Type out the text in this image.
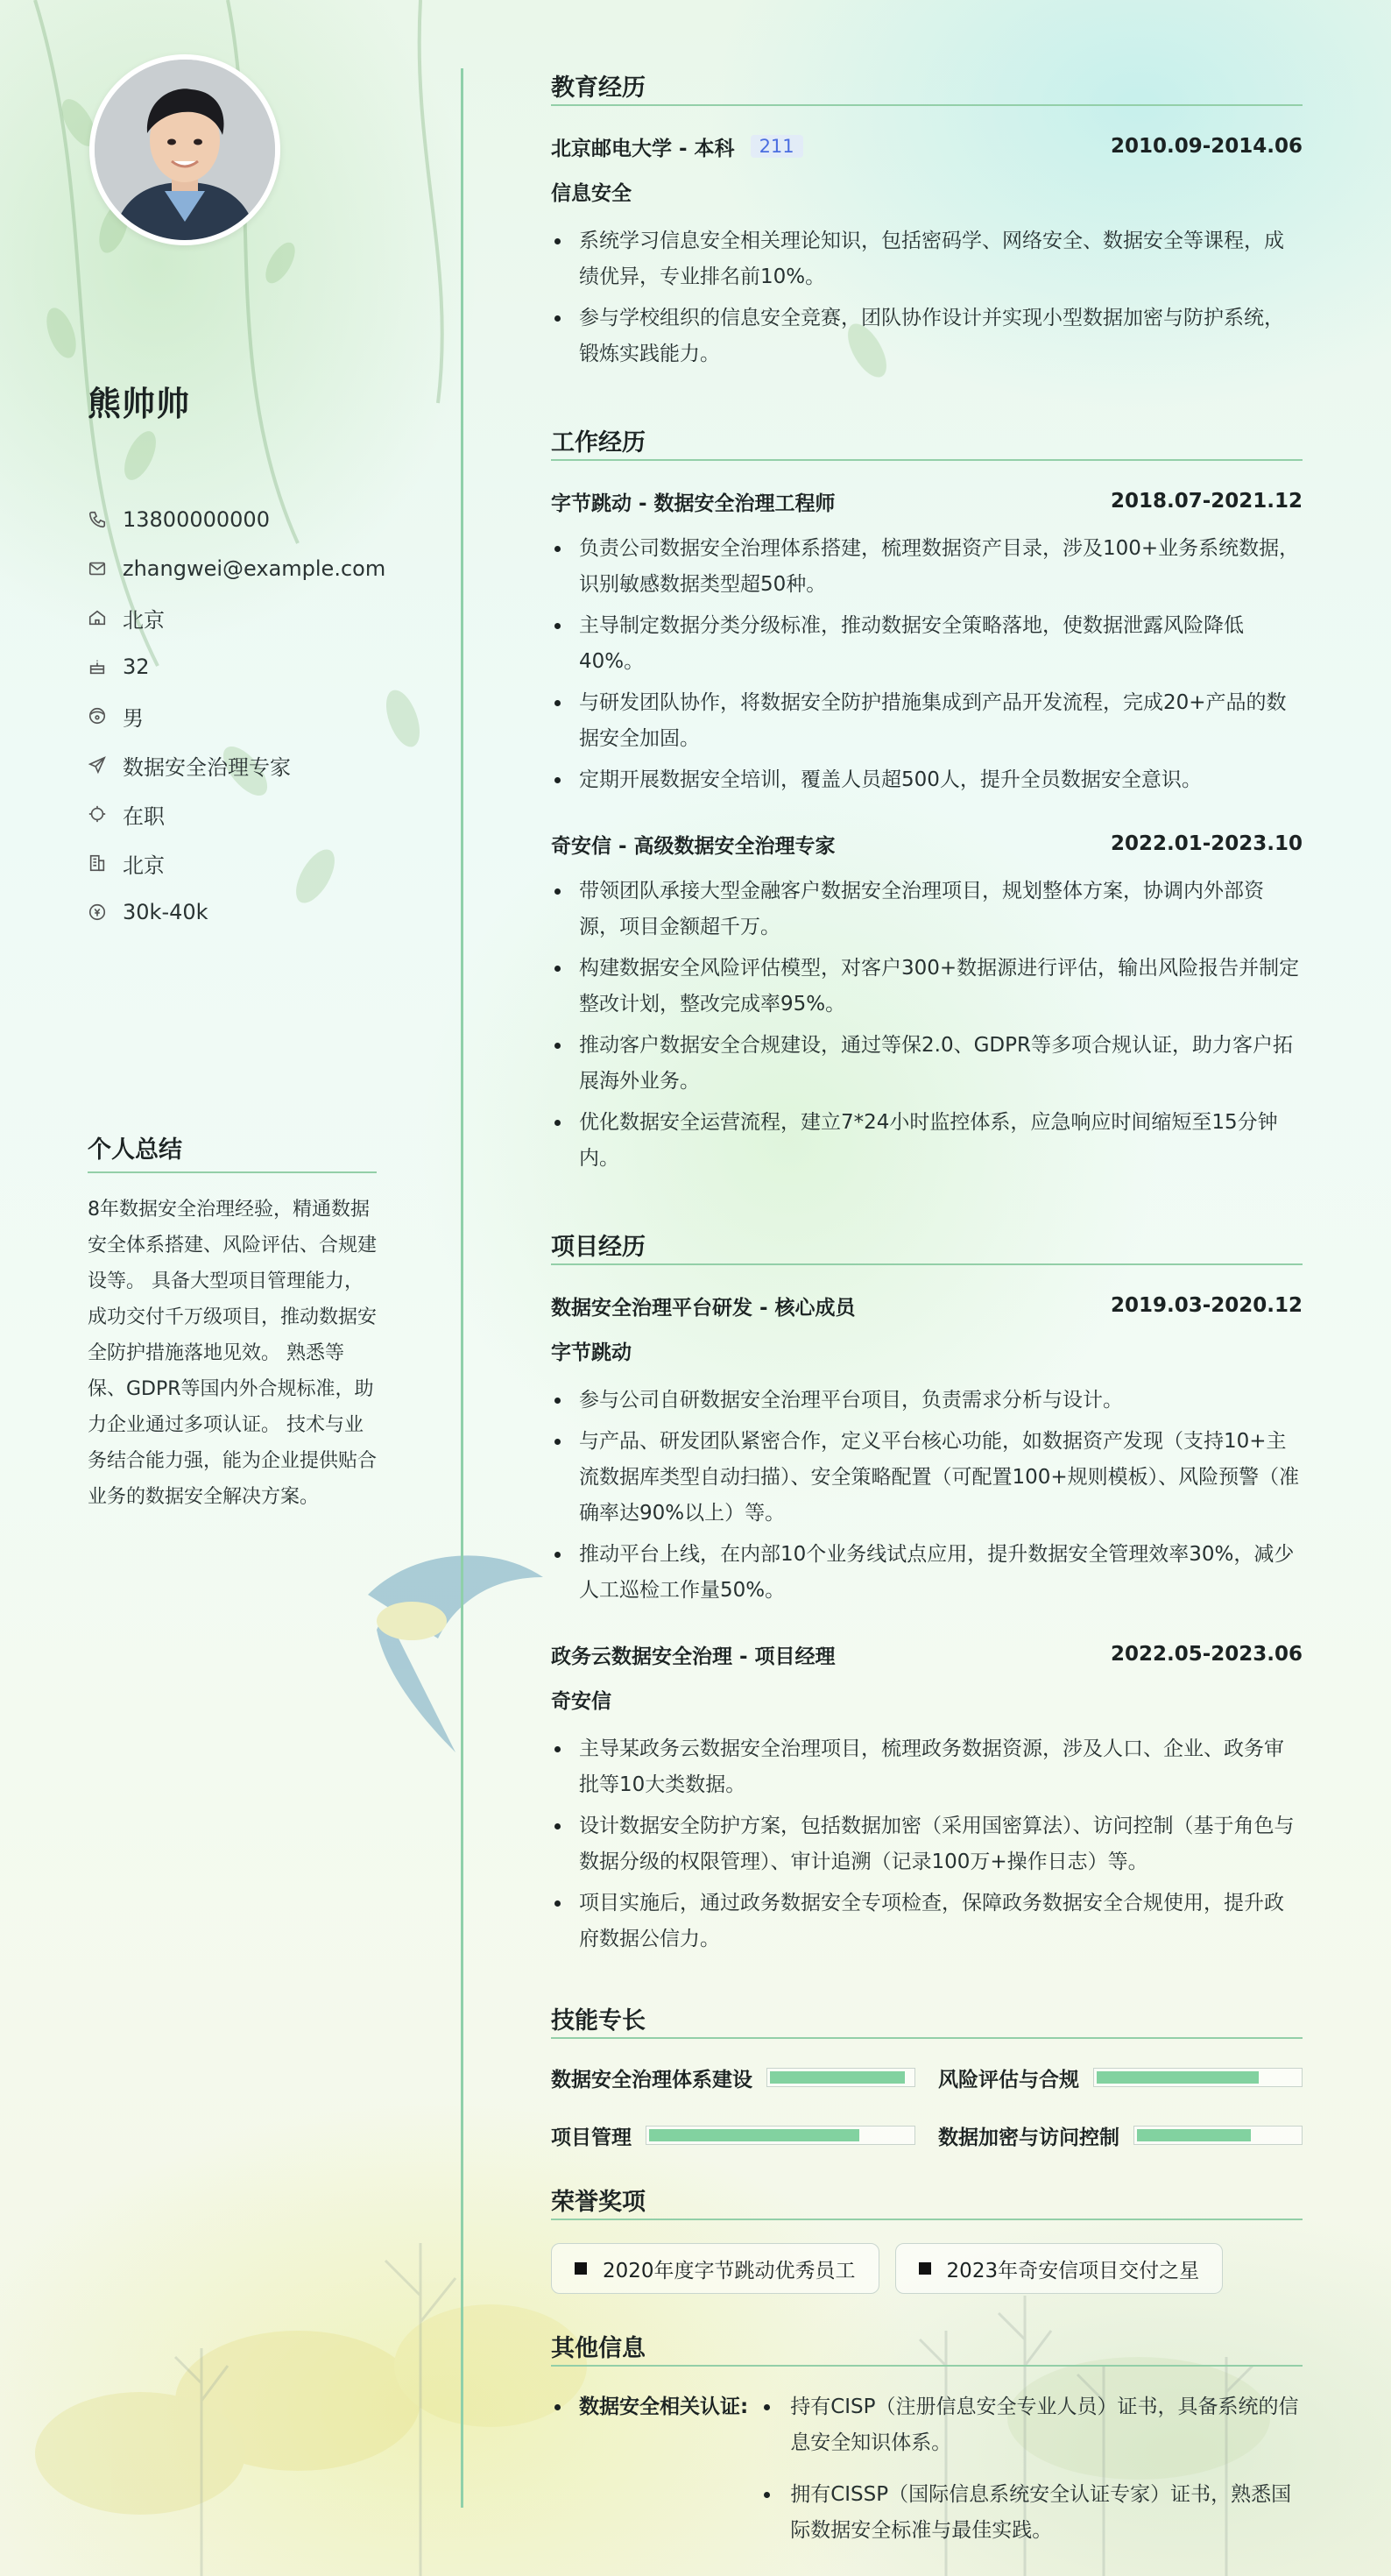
熊帅帅
13800000000
zhangwei@example.com
北京
32
男
数据安全治理专家
在职
北京
30k-40k
个人总结
8年数据安全治理经验，精通数据安全体系搭建、风险评估、合规建设等。 具备大型项目管理能力，成功交付千万级项目，推动数据安全防护措施落地见效。 熟悉等保、GDPR等国内外合规标准，助力企业通过多项认证。 技术与业务结合能力强，能为企业提供贴合业务的数据安全解决方案。
教育经历
北京邮电大学 - 本科	211	2010.09-2014.06
信息安全
系统学习信息安全相关理论知识，包括密码学、网络安全、数据安全等课程，成绩优异，专业排名前10%。
参与学校组织的信息安全竞赛，团队协作设计并实现小型数据加密与防护系统，锻炼实践能力。
工作经历
字节跳动 - 数据安全治理工程师	2018.07-2021.12
负责公司数据安全治理体系搭建，梳理数据资产目录，涉及100+业务系统数据，识别敏感数据类型超50种。
主导制定数据分类分级标准，推动数据安全策略落地，使数据泄露风险降低40%。
与研发团队协作，将数据安全防护措施集成到产品开发流程，完成20+产品的数据安全加固。
定期开展数据安全培训，覆盖人员超500人，提升全员数据安全意识。
奇安信 - 高级数据安全治理专家	2022.01-2023.10
带领团队承接大型金融客户数据安全治理项目，规划整体方案，协调内外部资源，项目金额超千万。
构建数据安全风险评估模型，对客户300+数据源进行评估，输出风险报告并制定整改计划，整改完成率95%。
推动客户数据安全合规建设，通过等保2.0、GDPR等多项合规认证，助力客户拓展海外业务。
优化数据安全运营流程，建立7*24小时监控体系，应急响应时间缩短至15分钟内。
项目经历
数据安全治理平台研发 - 核心成员	2019.03-2020.12
字节跳动
参与公司自研数据安全治理平台项目，负责需求分析与设计。
与产品、研发团队紧密合作，定义平台核心功能，如数据资产发现（支持10+主流数据库类型自动扫描）、安全策略配置（可配置100+规则模板）、风险预警（准确率达90%以上）等。
推动平台上线，在内部10个业务线试点应用，提升数据安全管理效率30%，减少人工巡检工作量50%。
政务云数据安全治理 - 项目经理	2022.05-2023.06
奇安信
主导某政务云数据安全治理项目，梳理政务数据资源，涉及人口、企业、政务审批等10大类数据。
设计数据安全防护方案，包括数据加密（采用国密算法）、访问控制（基于角色与数据分级的权限管理）、审计追溯（记录100万+操作日志）等。
项目实施后，通过政务数据安全专项检查，保障政务数据安全合规使用，提升政府数据公信力。
技能专长
数据安全治理体系建设	风险评估与合规
项目管理	数据加密与访问控制
荣誉奖项
2020年度字节跳动优秀员工	2023年奇安信项目交付之星
其他信息
数据安全相关认证:	持有CISP（注册信息安全专业人员）证书，具备系统的信息安全知识体系。
拥有CISSP（国际信息系统安全认证专家）证书，熟悉国际数据安全标准与最佳实践。
